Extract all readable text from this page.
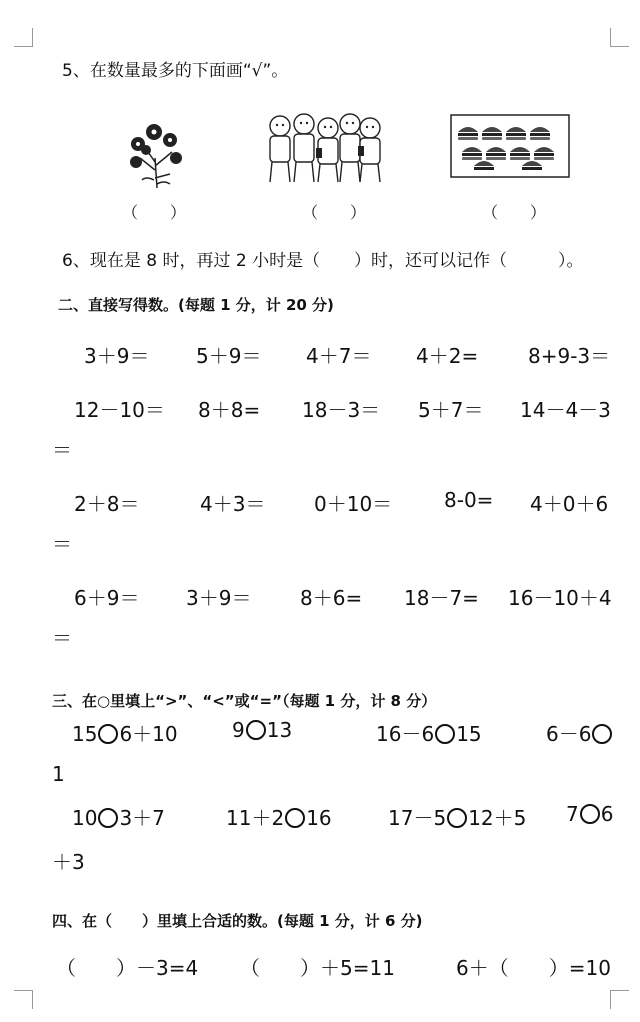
5、在数量最多的下面画“√”。
（　　）	（　　）	（　　）
6、现在是 8 时，再过 2 小时是（　　）时，还可以记作（　　　）。
二、直接写得数。(每题 1 分，计 20 分)
3＋9＝ 5＋9＝ 4＋7＝ 4＋2= 8+9-3＝
12－10＝ 8＋8= 18－3＝ 5＋7＝ 14－4－3
＝
2＋8＝	4＋3＝ 0＋10＝	8-0= 4＋0＋6
＝
6＋9＝ 3＋9＝ 8＋6= 18－7= 16－10＋4
＝
三、在○里填上“>”、“<”或“=”（每题 1 分，计 8 分）
15 6＋10	9 13	16－6 15	6－6
1
10 3＋7	11＋2 16	17－5 12＋5 7 6
＋3
四、在（　　）里填上合适的数。(每题 1 分，计 6 分)
（　　）－3=4 （　　）＋5=11	6＋（　　）=10
